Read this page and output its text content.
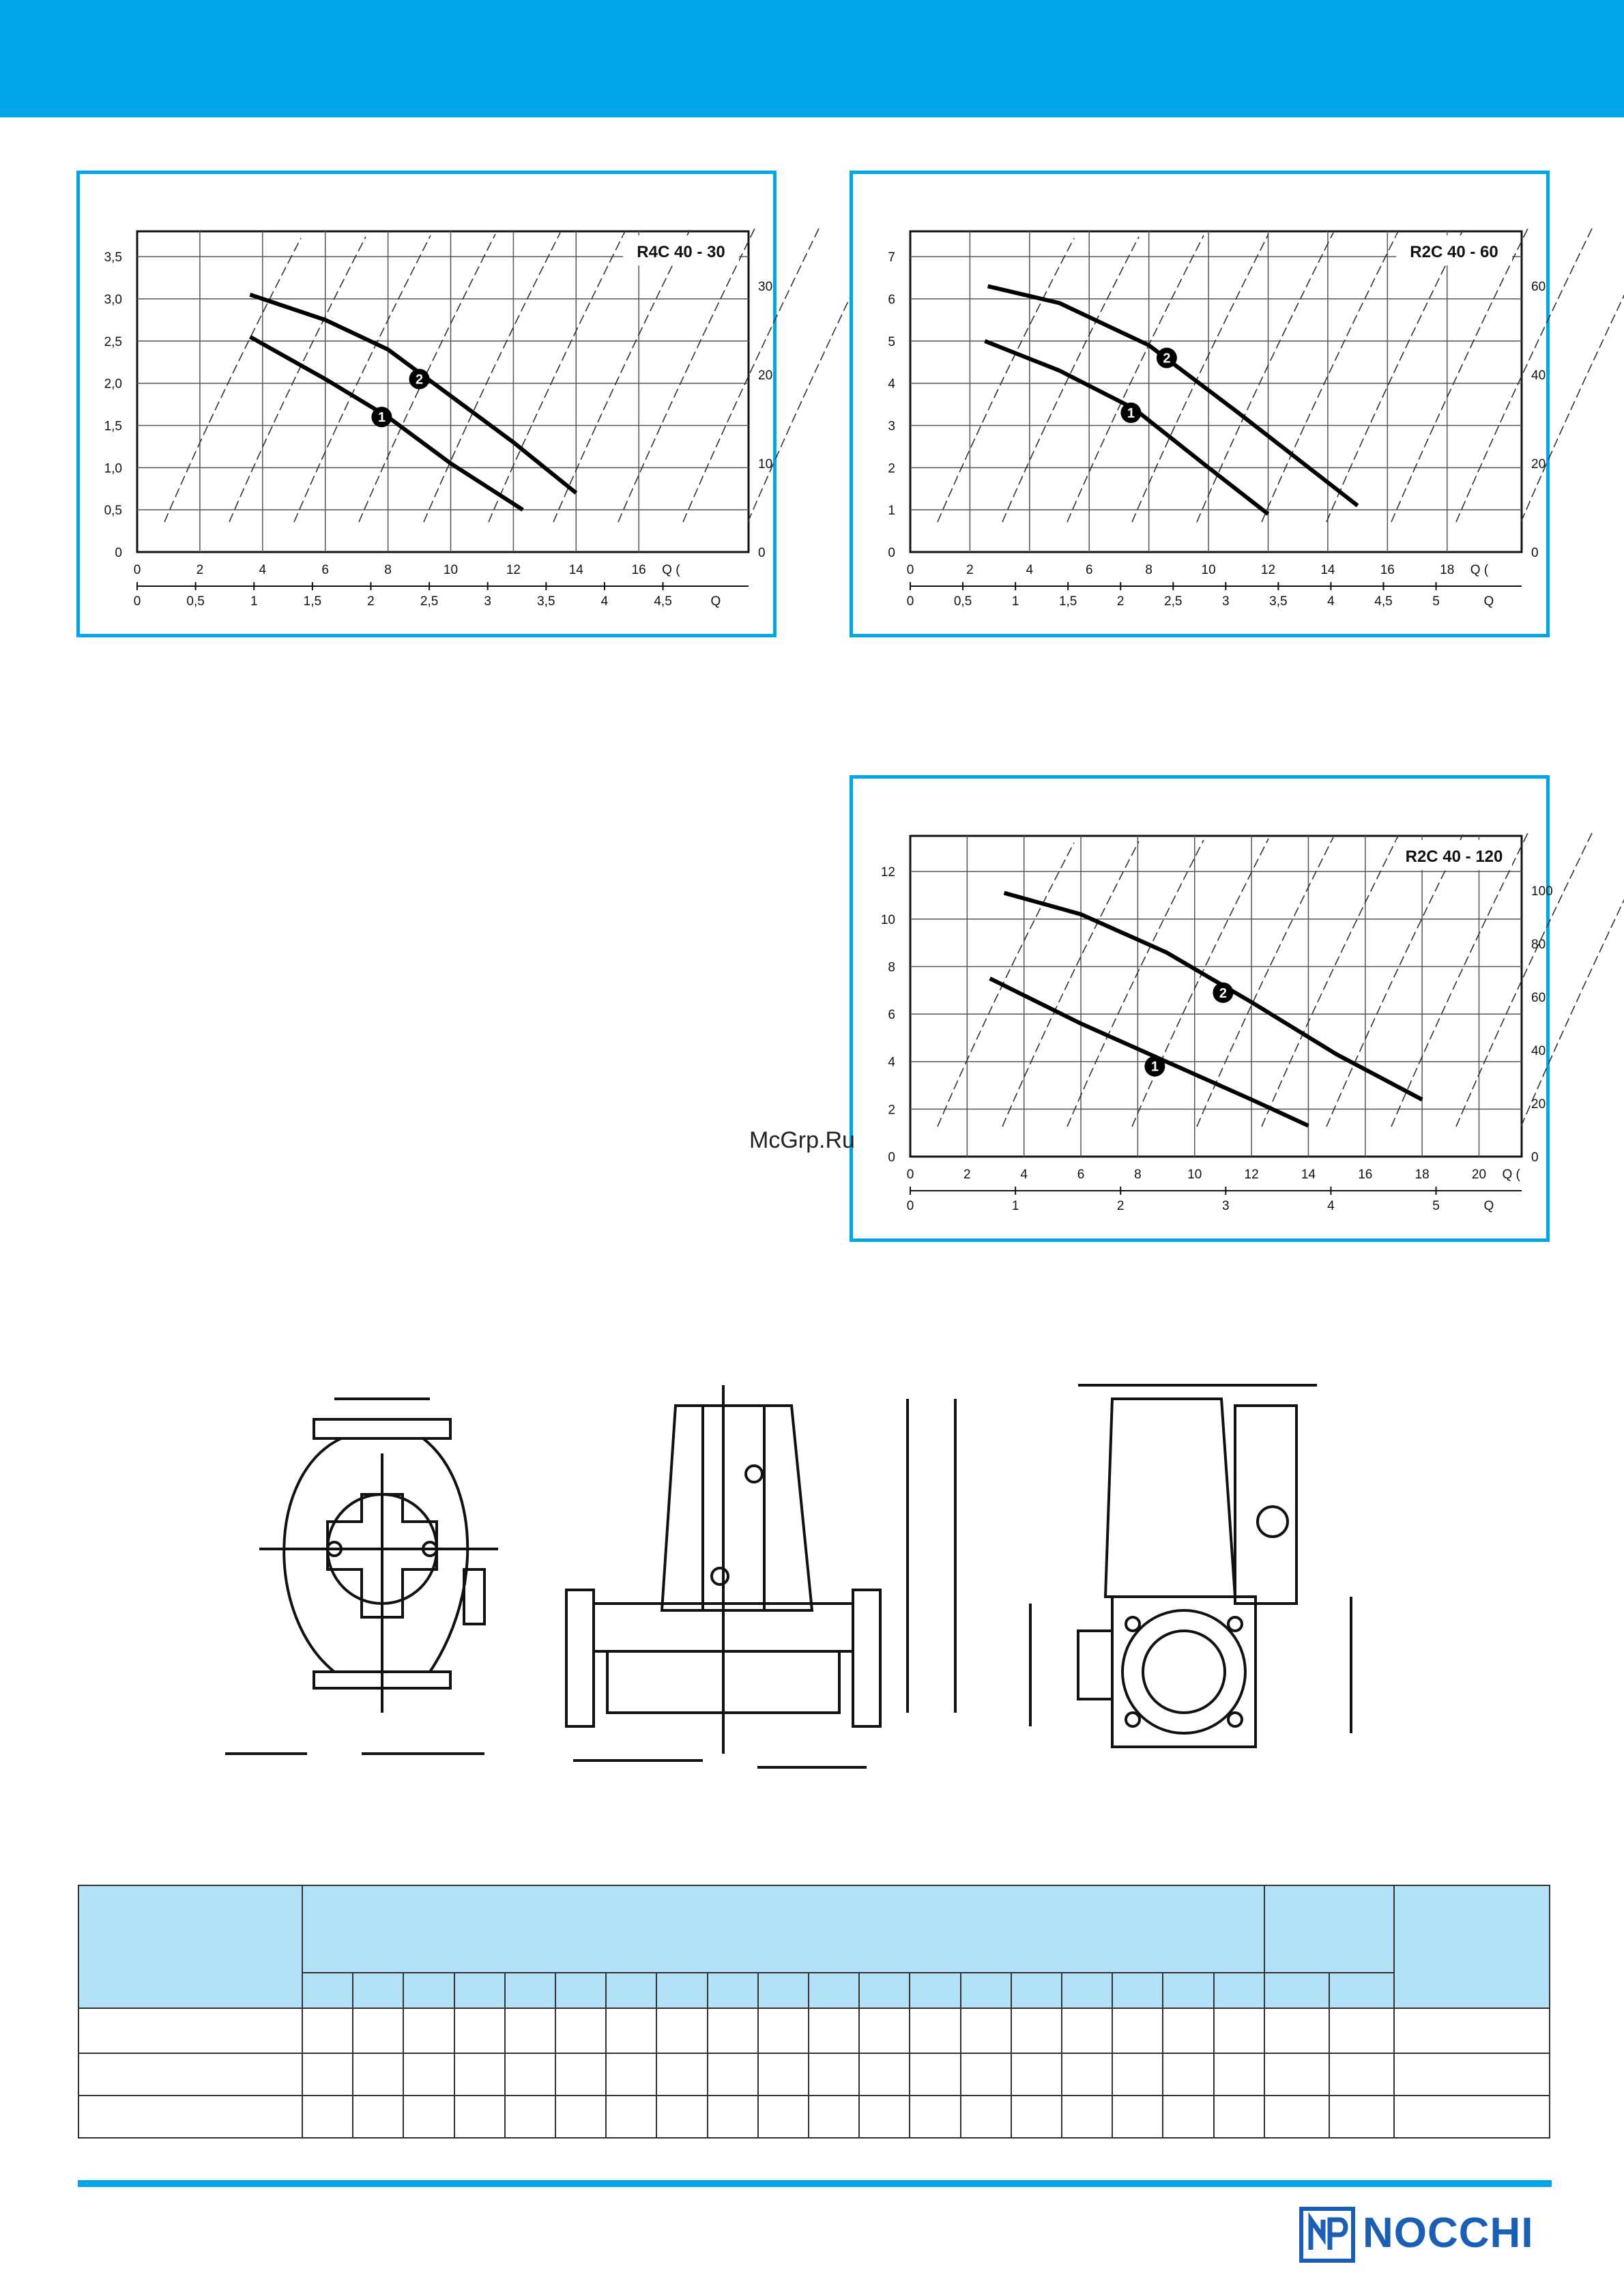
0	2	4	6	8	10	12	14	16 Q (
0
0,5
1,0
1,5
2,0
2,5
3,0
3,5
0
10
20
30
0	0,5	1	1,5	2	2,5	3	3,5	4	4,5	Q
R4C 40 - 30
1
2
0	2	4	6	8	10	12	14	16	18 Q (
0
1
2
3
4
5
6
7
0
20
40
60
0	0,5	1	1,5	2	2,5	3	3,5	4	4,5	5	Q
R2C 40 - 60
1
2
0	2	4	6	8	10	12	14	16	18	20 Q (
0
2
4
6
8
10
12
0
20
40
60
80
100
0	1	2	3	4	5	Q
R2C 40 - 120
1
2
McGrp.Ru

NOCCHI
